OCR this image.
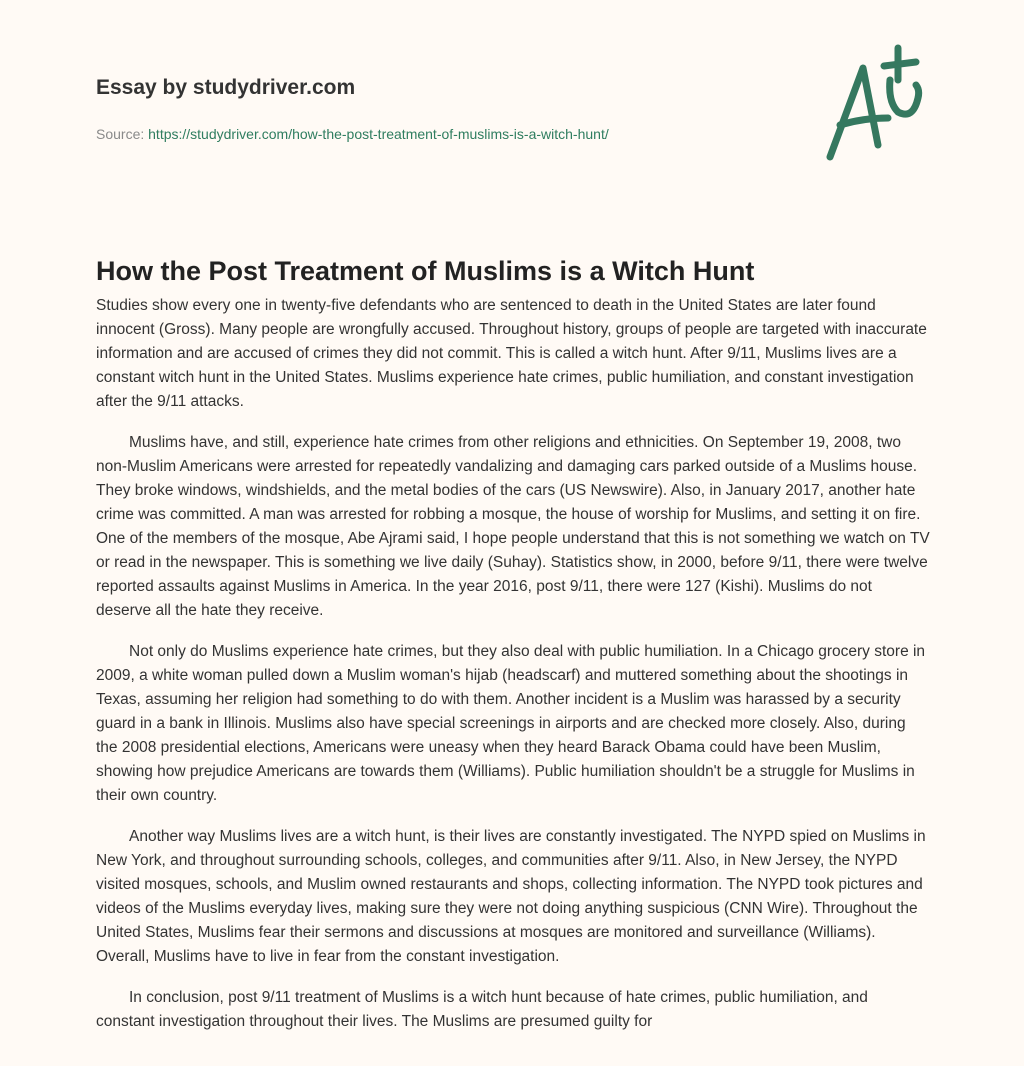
Essay by studydriver.com

Source: https://studydriver.com/how-the-post-treatment-of-muslims-is-a-witch-hunt/
How the Post Treatment of Muslims is a Witch Hunt

Studies show every one in twenty-five defendants who are sentenced to death in the United States are later found innocent (Gross). Many people are wrongfully accused. Throughout history, groups of people are targeted with inaccurate information and are accused of crimes they did not commit. This is called a witch hunt. After 9/11, Muslims lives are a constant witch hunt in the United States. Muslims experience hate crimes, public humiliation, and constant investigation after the 9/11 attacks.

Muslims have, and still, experience hate crimes from other religions and ethnicities. On September 19, 2008, two non-Muslim Americans were arrested for repeatedly vandalizing and damaging cars parked outside of a Muslims house. They broke windows, windshields, and the metal bodies of the cars (US Newswire). Also, in January 2017, another hate crime was committed. A man was arrested for robbing a mosque, the house of worship for Muslims, and setting it on fire. One of the members of the mosque, Abe Ajrami said, I hope people understand that this is not something we watch on TV or read in the newspaper. This is something we live daily (Suhay). Statistics show, in 2000, before 9/11, there were twelve reported assaults against Muslims in America. In the year 2016, post 9/11, there were 127 (Kishi). Muslims do not deserve all the hate they receive.

Not only do Muslims experience hate crimes, but they also deal with public humiliation. In a Chicago grocery store in 2009, a white woman pulled down a Muslim woman's hijab (headscarf) and muttered something about the shootings in Texas, assuming her religion had something to do with them. Another incident is a Muslim was harassed by a security guard in a bank in Illinois. Muslims also have special screenings in airports and are checked more closely. Also, during the 2008 presidential elections, Americans were uneasy when they heard Barack Obama could have been Muslim, showing how prejudice Americans are towards them (Williams). Public humiliation shouldn't be a struggle for Muslims in their own country.

Another way Muslims lives are a witch hunt, is their lives are constantly investigated. The NYPD spied on Muslims in New York, and throughout surrounding schools, colleges, and communities after 9/11. Also, in New Jersey, the NYPD visited mosques, schools, and Muslim owned restaurants and shops, collecting information. The NYPD took pictures and videos of the Muslims everyday lives, making sure they were not doing anything suspicious (CNN Wire). Throughout the United States, Muslims fear their sermons and discussions at mosques are monitored and surveillance (Williams). Overall, Muslims have to live in fear from the constant investigation.

In conclusion, post 9/11 treatment of Muslims is a witch hunt because of hate crimes, public humiliation, and constant investigation throughout their lives. The Muslims are presumed guilty for
